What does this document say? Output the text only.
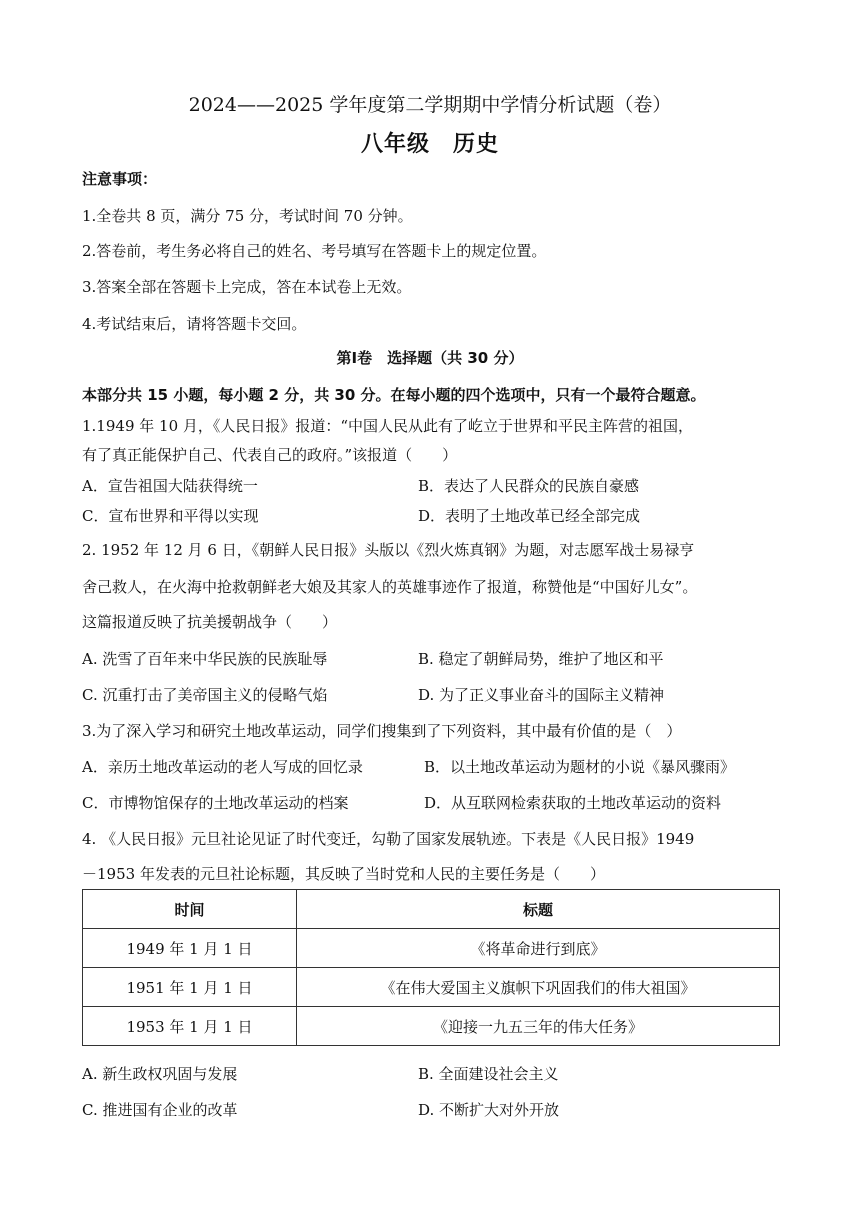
2024——2025 学年度第二学期期中学情分析试题（卷）
八年级　历史
注意事项：
1.全卷共 8 页，满分 75 分，考试时间 70 分钟。
2.答卷前，考生务必将自己的姓名、考号填写在答题卡上的规定位置。
3.答案全部在答题卡上完成，答在本试卷上无效。
4.考试结束后，请将答题卡交回。
第Ⅰ卷　选择题（共 30 分）
本部分共 15 小题，每小题 2 分，共 30 分。在每小题的四个选项中，只有一个最符合题意。
1.1949 年 10 月，《人民日报》报道：“中国人民从此有了屹立于世界和平民主阵营的祖国，
有了真正能保护自己、代表自己的政府。”该报道（　　）
A．宣告祖国大陆获得统一	B．表达了人民群众的民族自豪感
C．宣布世界和平得以实现	D．表明了土地改革已经全部完成
2. 1952 年 12 月 6 日，《朝鲜人民日报》头版以《烈火炼真钢》为题，对志愿军战士易禄亨
舍己救人，在火海中抢救朝鲜老大娘及其家人的英雄事迹作了报道，称赞他是“中国好儿女”。
这篇报道反映了抗美援朝战争（　　）
A. 洗雪了百年来中华民族的民族耻辱	B. 稳定了朝鲜局势，维护了地区和平
C. 沉重打击了美帝国主义的侵略气焰	D. 为了正义事业奋斗的国际主义精神
3.为了深入学习和研究土地改革运动，同学们搜集到了下列资料，其中最有价值的是（　）
A．亲历土地改革运动的老人写成的回忆录	B．以土地改革运动为题材的小说《暴风骤雨》
C．市博物馆保存的土地改革运动的档案	D．从互联网检索获取的土地改革运动的资料
4. 《人民日报》元旦社论见证了时代变迁，勾勒了国家发展轨迹。下表是《人民日报》1949
－1953 年发表的元旦社论标题，其反映了当时党和人民的主要任务是（　　）
时间	标题
1949 年 1 月 1 日	《将革命进行到底》
1951 年 1 月 1 日	《在伟大爱国主义旗帜下巩固我们的伟大祖国》
1953 年 1 月 1 日	《迎接一九五三年的伟大任务》
A. 新生政权巩固与发展	B. 全面建设社会主义
C. 推进国有企业的改革	D. 不断扩大对外开放
